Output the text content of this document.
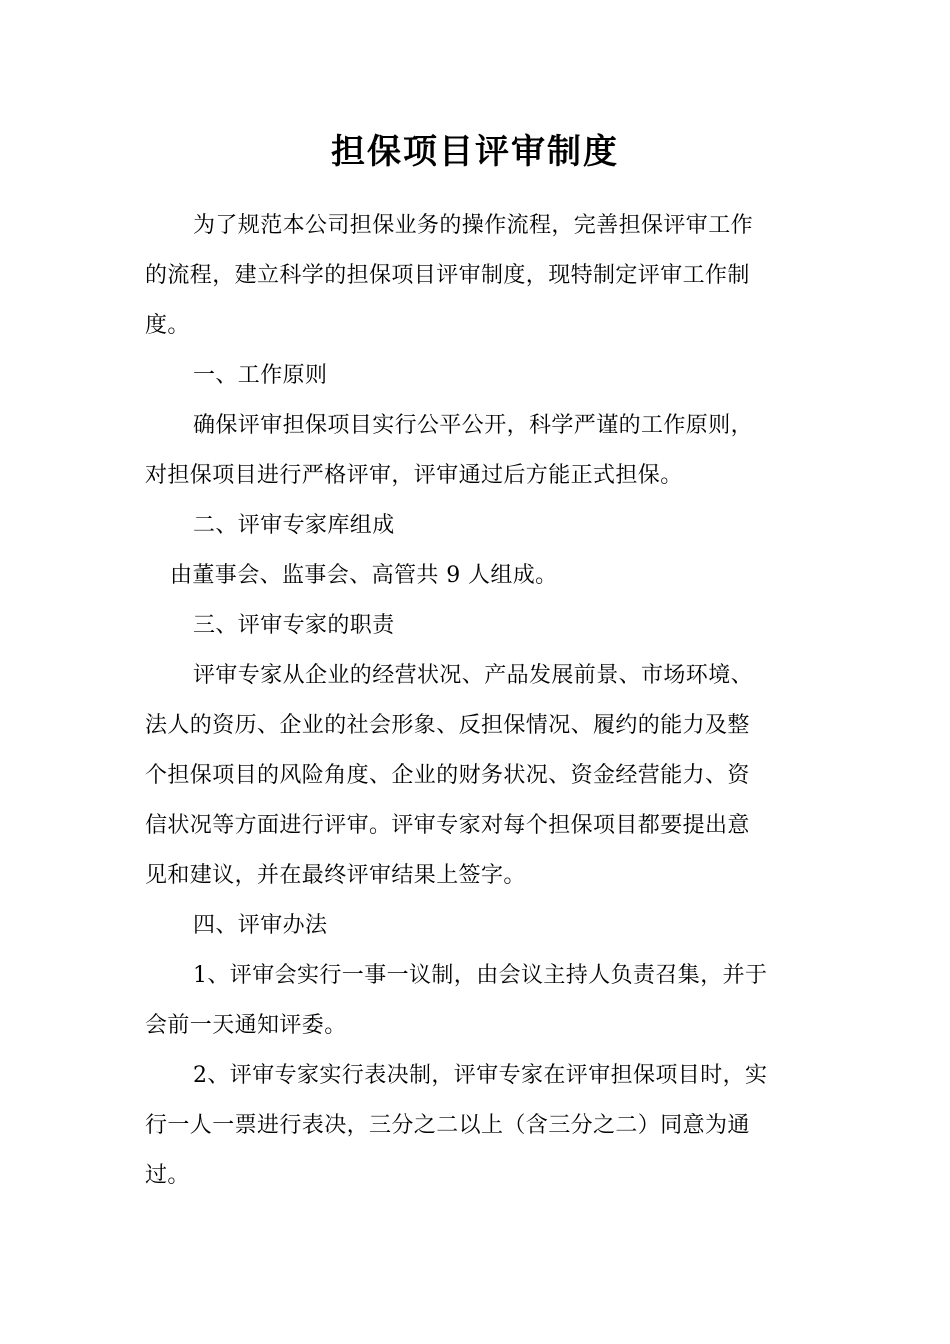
担保项目评审制度
为了规范本公司担保业务的操作流程，完善担保评审工作
的流程，建立科学的担保项目评审制度，现特制定评审工作制
度。
一、工作原则
确保评审担保项目实行公平公开，科学严谨的工作原则，
对担保项目进行严格评审，评审通过后方能正式担保。
二、评审专家库组成
由董事会、监事会、高管共 9 人组成。
三、评审专家的职责
评审专家从企业的经营状况、产品发展前景、市场环境、
法人的资历、企业的社会形象、反担保情况、履约的能力及整
个担保项目的风险角度、企业的财务状况、资金经营能力、资
信状况等方面进行评审。评审专家对每个担保项目都要提出意
见和建议，并在最终评审结果上签字。
四、评审办法
1、评审会实行一事一议制，由会议主持人负责召集，并于
会前一天通知评委。
2、评审专家实行表决制，评审专家在评审担保项目时，实
行一人一票进行表决，三分之二以上（含三分之二）同意为通
过。
